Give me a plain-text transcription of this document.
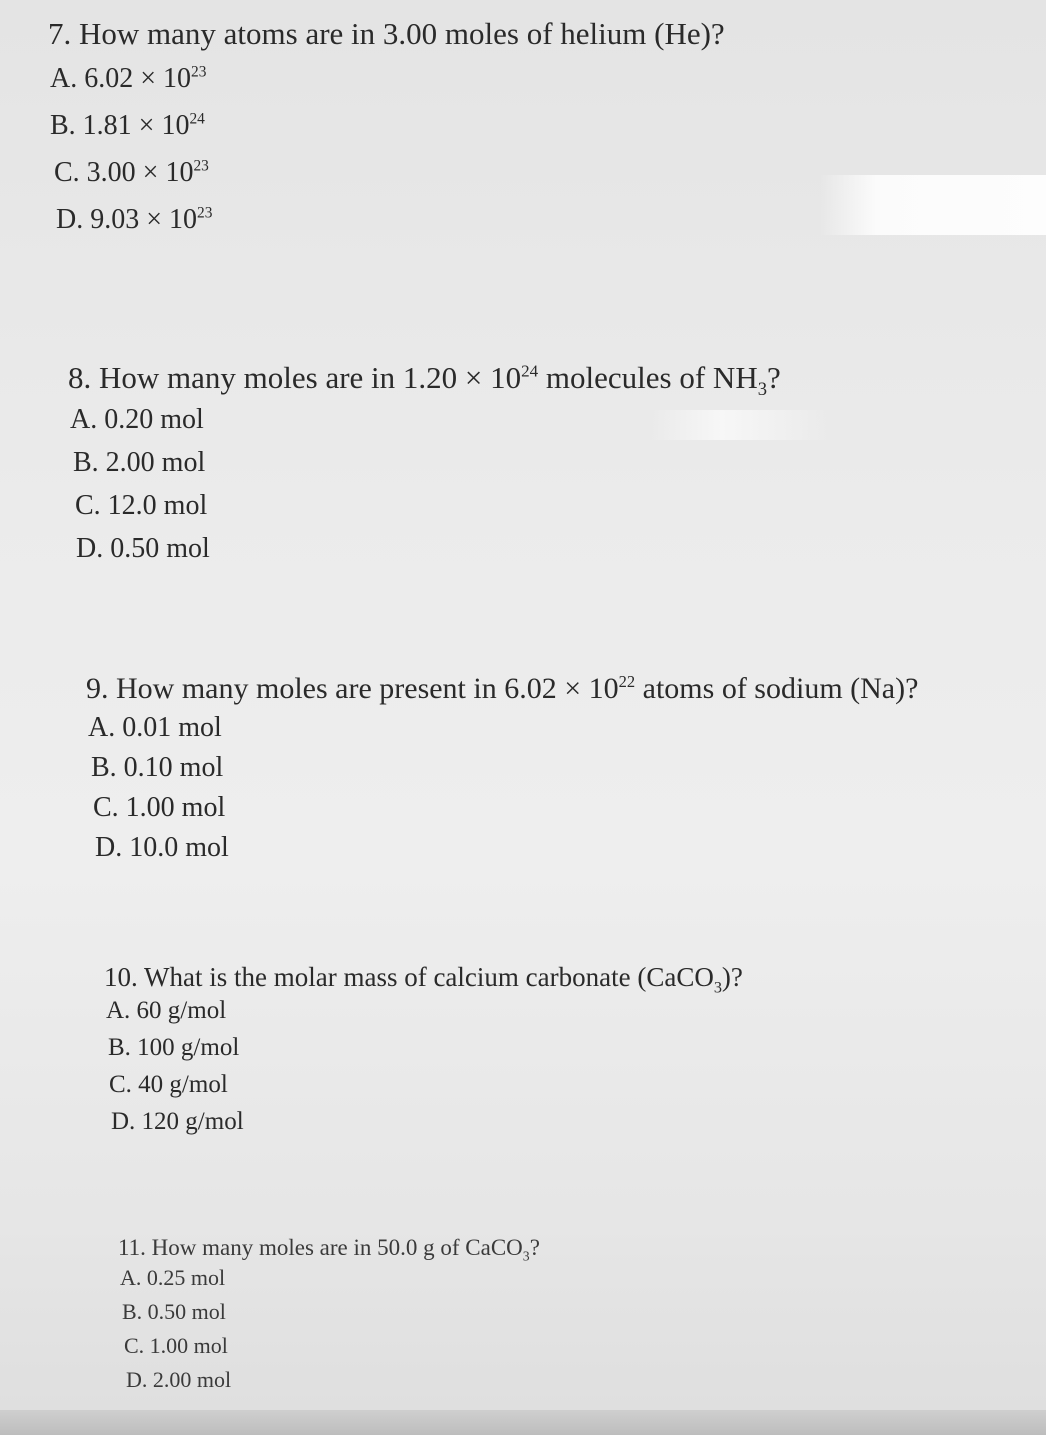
7. How many atoms are in 3.00 moles of helium (He)?

A. $6.02 \times 10^{23}$
B. $1.81 \times 10^{24}$
C. $3.00 \times 10^{23}$
D. $9.03 \times 10^{23}$

8. How many moles are in $1.20 \times 10^{24}$ molecules of $NH_3$?

A. 0.20 mol
B. 2.00 mol
C. 12.0 mol
D. 0.50 mol

9. How many moles are present in $6.02 \times 10^{22}$ atoms of sodium (Na)?

A. 0.01 mol
B. 0.10 mol
C. 1.00 mol
D. 10.0 mol

10. What is the molar mass of calcium carbonate (CaCO$_3$)?

A. 60 g/mol
B. 100 g/mol
C. 40 g/mol
D. 120 g/mol

11. How many moles are in 50.0 g of CaCO$_3$?

A. 0.25 mol
B. 0.50 mol
C. 1.00 mol
D. 2.00 mol
